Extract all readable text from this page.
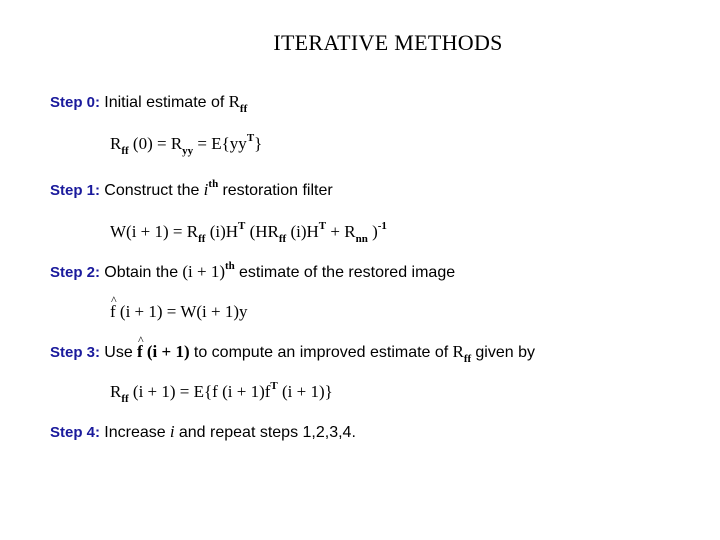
ITERATIVE METHODS
Step 0: Initial estimate of $R_{ff}$
$R_{ff}$ $(0) = R_{yy} = E\{yy^T\}$
Step 1: Construct the $i^{th}$ restoration filter
$W(i + 1) = R_{ff}$ $(i)H^T$ ($HR_{ff}$ $(i)H^T + R_{nn}$ )$^{-1}$
Step 2: Obtain the $(i + 1)^{th}$ estimate of the restored image
^ f (i + 1) = W(i + 1)y
Step 3: Use ^ f (i + 1) to compute an improved estimate of $R_{ff}$ given by
$R_{ff}$ (i + 1) = E{f $(i + 1)f^T$ (i + 1)}
Step 4: Increase i and repeat steps 1,2,3,4.
